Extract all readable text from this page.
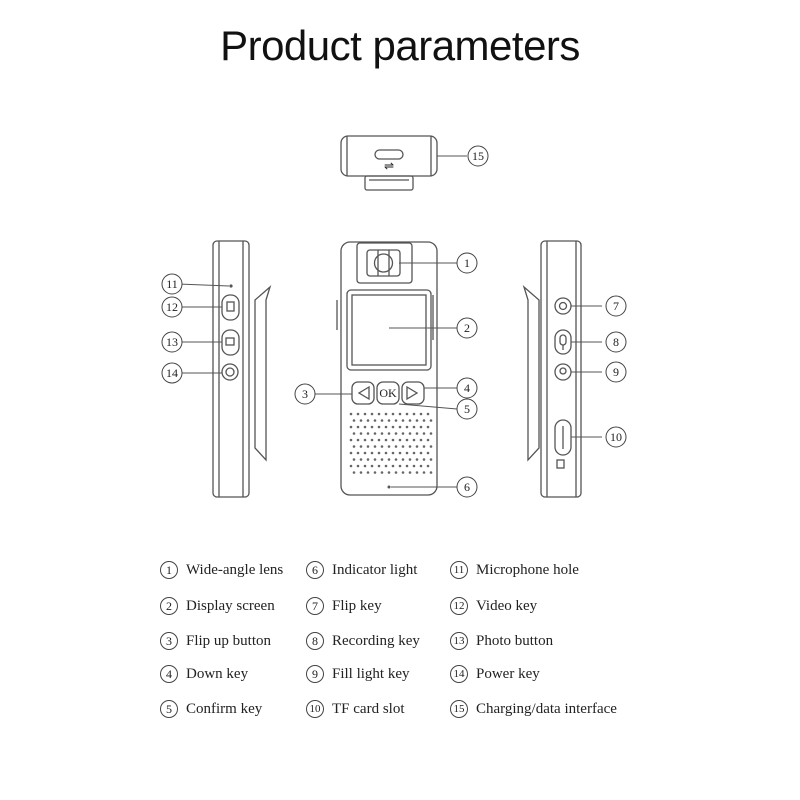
Product parameters
⇌
OK
1
2
3	4
5
6
7
8
9
10
11
12
13
14
15
1 Wide-angle lens
2 Display screen
3 Flip up button
4 Down key
5 Confirm key
6 Indicator light
7 Flip key
8 Recording key
9 Fill light key
10 TF card slot
11 Microphone hole
12 Video key
13 Photo button
14 Power key
15 Charging/data interface
